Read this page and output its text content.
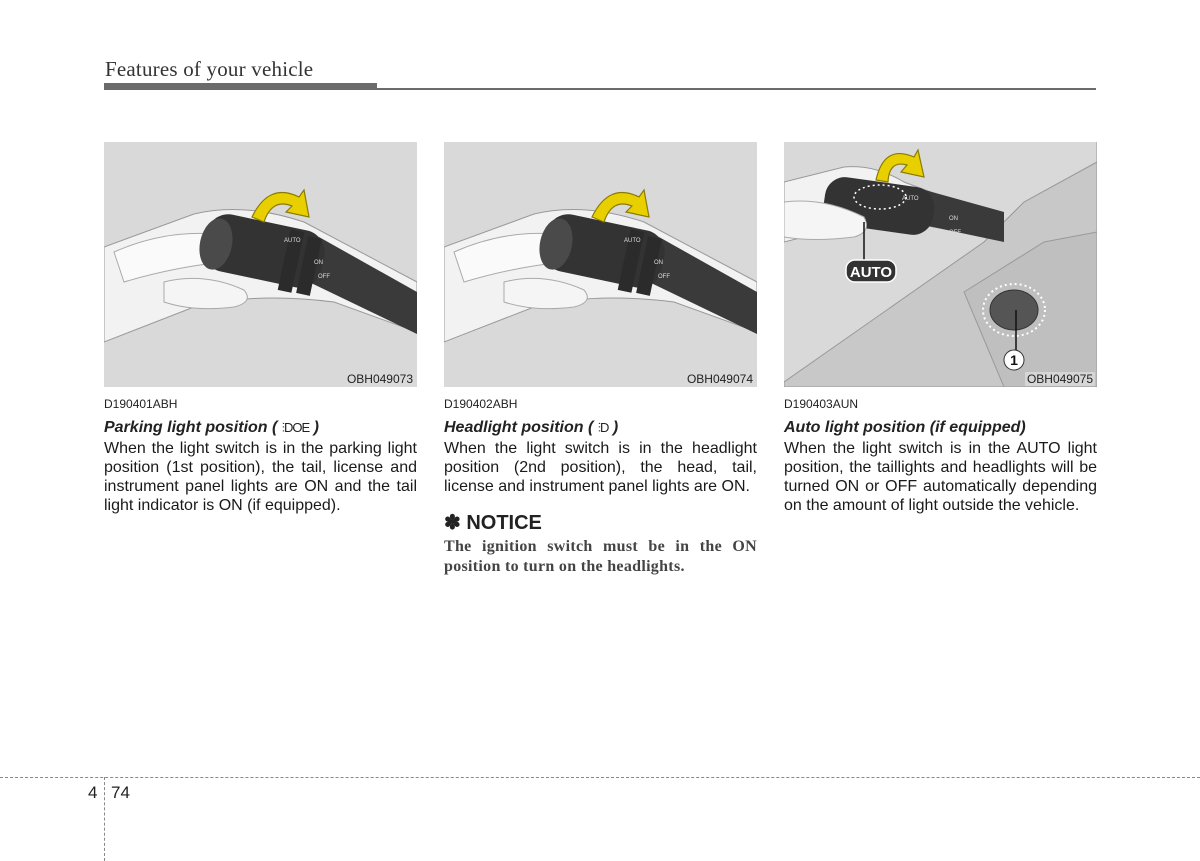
Features of your vehicle
AUTO
ON
OFF
OBH049073
D190401ABH
Parking light position ( ⫶DOE )
When the light switch is in the parking light position (1st position), the tail, license and instrument panel lights are ON and the tail light indicator is ON (if equipped).
AUTO
ON
OFF
OBH049074
D190402ABH
Headlight position ( ⫶D )
When the light switch is in the headlight position (2nd position), the head, tail, license and instrument panel lights are ON.
✽ NOTICE
The ignition switch must be in the ON position to turn on the headlights.
1
AUTO
ON
OFF
AUTO
OBH049075
D190403AUN
Auto light position (if equipped)
When the light switch is in the AUTO light position, the taillights and headlights will be turned ON or OFF automatically depending on the amount of light outside the vehicle.
4 74
